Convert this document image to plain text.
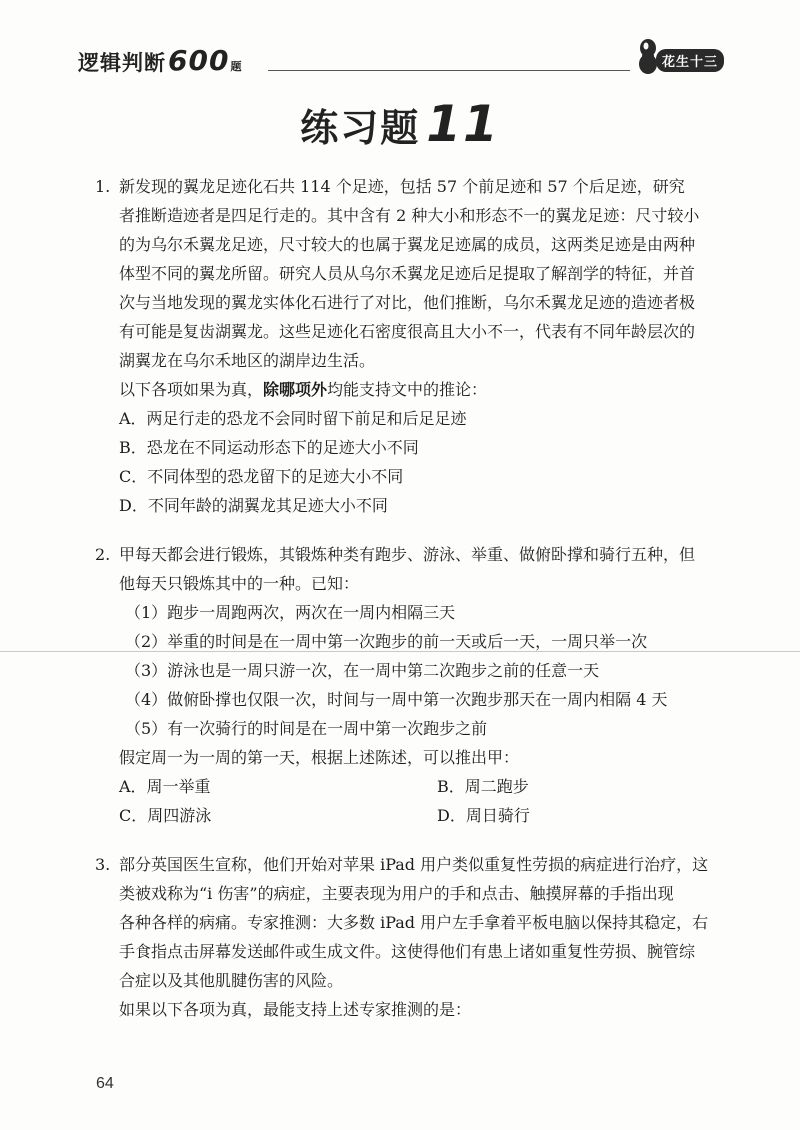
逻辑判断600题	花生十三
练习题 11
1. 新发现的翼龙足迹化石共 114 个足迹，包括 57 个前足迹和 57 个后足迹，研究
者推断造迹者是四足行走的。其中含有 2 种大小和形态不一的翼龙足迹：尺寸较小
的为乌尔禾翼龙足迹，尺寸较大的也属于翼龙足迹属的成员，这两类足迹是由两种
体型不同的翼龙所留。研究人员从乌尔禾翼龙足迹后足提取了解剖学的特征，并首
次与当地发现的翼龙实体化石进行了对比，他们推断，乌尔禾翼龙足迹的造迹者极
有可能是复齿湖翼龙。这些足迹化石密度很高且大小不一，代表有不同年龄层次的
湖翼龙在乌尔禾地区的湖岸边生活。
以下各项如果为真，除哪项外均能支持文中的推论：
A．两足行走的恐龙不会同时留下前足和后足足迹
B．恐龙在不同运动形态下的足迹大小不同
C．不同体型的恐龙留下的足迹大小不同
D．不同年龄的湖翼龙其足迹大小不同
2. 甲每天都会进行锻炼，其锻炼种类有跑步、游泳、举重、做俯卧撑和骑行五种，但
他每天只锻炼其中的一种。已知：
（1）跑步一周跑两次，两次在一周内相隔三天
（2）举重的时间是在一周中第一次跑步的前一天或后一天，一周只举一次
（3）游泳也是一周只游一次，在一周中第二次跑步之前的任意一天
（4）做俯卧撑也仅限一次，时间与一周中第一次跑步那天在一周内相隔 4 天
（5）有一次骑行的时间是在一周中第一次跑步之前
假定周一为一周的第一天，根据上述陈述，可以推出甲：
A．周一举重	B．周二跑步
C．周四游泳	D．周日骑行
3. 部分英国医生宣称，他们开始对苹果 iPad 用户类似重复性劳损的病症进行治疗，这
类被戏称为“i 伤害”的病症，主要表现为用户的手和点击、触摸屏幕的手指出现
各种各样的病痛。专家推测：大多数 iPad 用户左手拿着平板电脑以保持其稳定，右
手食指点击屏幕发送邮件或生成文件。这使得他们有患上诸如重复性劳损、腕管综
合症以及其他肌腱伤害的风险。
如果以下各项为真，最能支持上述专家推测的是：
64
